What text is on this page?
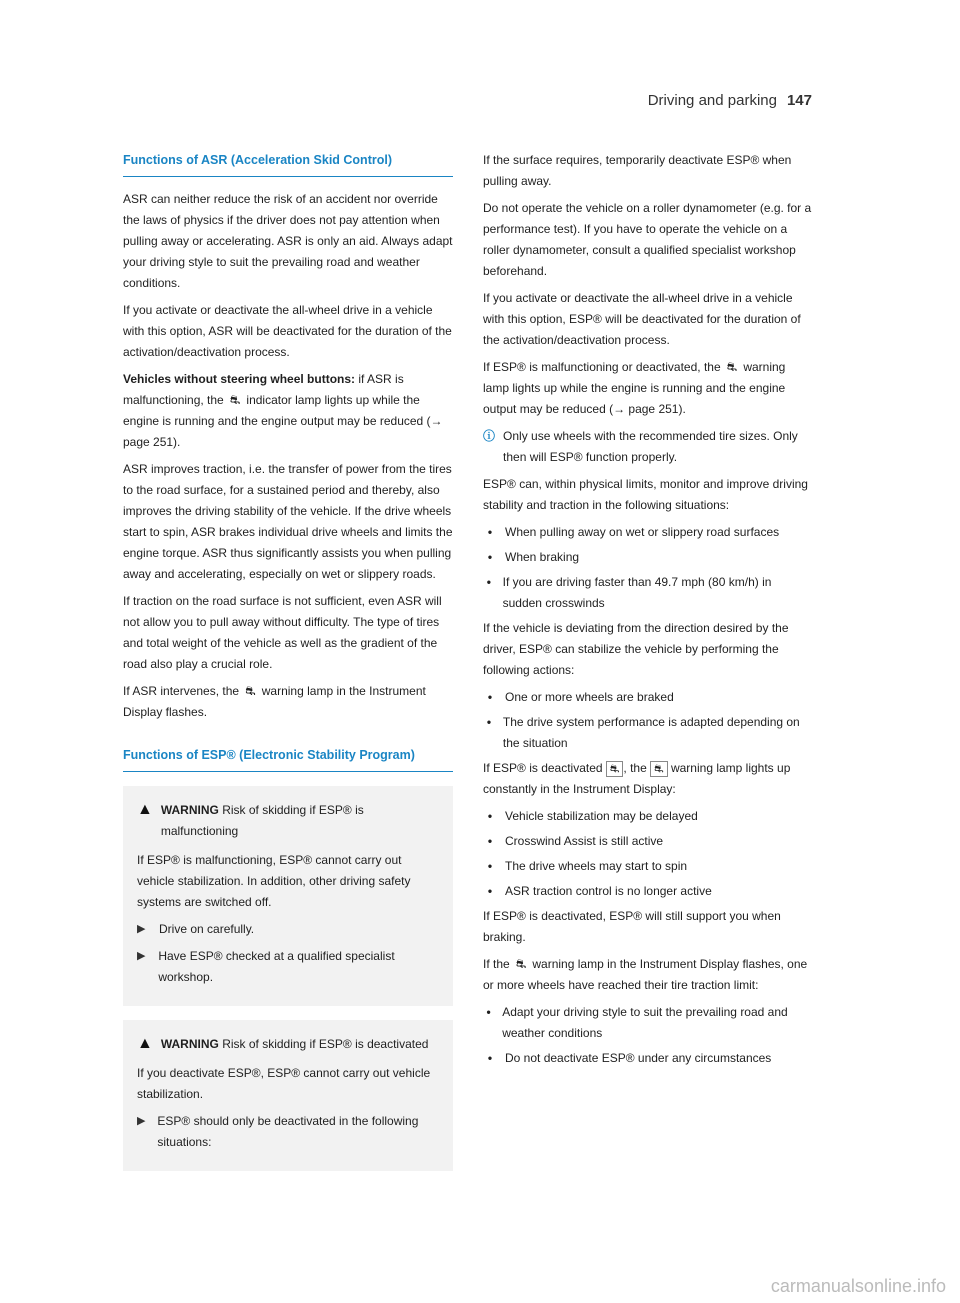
Driving and parking 147
Functions of ASR (Acceleration Skid Control)

ASR can neither reduce the risk of an accident nor override the laws of physics if the driver does not pay attention when pulling away or accelerating. ASR is only an aid. Always adapt your driving style to suit the prevailing road and weather conditions.

If you activate or deactivate the all-wheel drive in a vehicle with this option, ASR will be deactivated for the duration of the activation/deactivation process.

Vehicles without steering wheel buttons: if ASR is malfunctioning, the ⛐ indicator lamp lights up while the engine is running and the engine output may be reduced (→ page 251).

ASR improves traction, i.e. the transfer of power from the tires to the road surface, for a sustained period and thereby, also improves the driving stability of the vehicle. If the drive wheels start to spin, ASR brakes individual drive wheels and limits the engine torque. ASR thus significantly assists you when pulling away and accelerating, especially on wet or slippery roads.

If traction on the road surface is not sufficient, even ASR will not allow you to pull away without difficulty. The type of tires and total weight of the vehicle as well as the gradient of the road also play a crucial role.

If ASR intervenes, the ⛐ warning lamp in the Instrument Display flashes.

Functions of ESP® (Electronic Stability Program)
▲ WARNING Risk of skidding if ESP® is malfunctioning

If ESP® is malfunctioning, ESP® cannot carry out vehicle stabilization. In addition, other driving safety systems are switched off.

▶	Drive on carefully.
▶	Have ESP® checked at a qualified specialist workshop.
▲ WARNING Risk of skidding if ESP® is deactivated

If you deactivate ESP®, ESP® cannot carry out vehicle stabilization.

▶ ESP® should only be deactivated in the following situations:

If the surface requires, temporarily deactivate ESP® when pulling away.

Do not operate the vehicle on a roller dynamometer (e.g. for a performance test). If you have to operate the vehicle on a roller dynamometer, consult a qualified specialist workshop beforehand.

If you activate or deactivate the all-wheel drive in a vehicle with this option, ESP® will be deactivated for the duration of the activation/deactivation process.

If ESP® is malfunctioning or deactivated, the ⛐ warning lamp lights up while the engine is running and the engine output may be reduced (→ page 251).

ⓘ Only use wheels with the recommended tire sizes. Only then will ESP® function properly.

ESP® can, within physical limits, monitor and improve driving stability and traction in the following situations:

•	When pulling away on wet or slippery road surfaces
•	When braking
• If you are driving faster than 49.7 mph (80 km/h) in sudden crosswinds

If the vehicle is deviating from the direction desired by the driver, ESP® can stabilize the vehicle by performing the following actions:

•	One or more wheels are braked
• The drive system performance is adapted depending on the situation

If ESP® is deactivated ⛐ , the ⛐ warning lamp lights up constantly in the Instrument Display:

•	Vehicle stabilization may be delayed
•	Crosswind Assist is still active
•	The drive wheels may start to spin
•	ASR traction control is no longer active

If ESP® is deactivated, ESP® will still support you when braking.

If the ⛐ warning lamp in the Instrument Display flashes, one or more wheels have reached their tire traction limit:

• Adapt your driving style to suit the prevailing road and weather conditions
•	Do not deactivate ESP® under any circumstances
carmanualsonline.info
